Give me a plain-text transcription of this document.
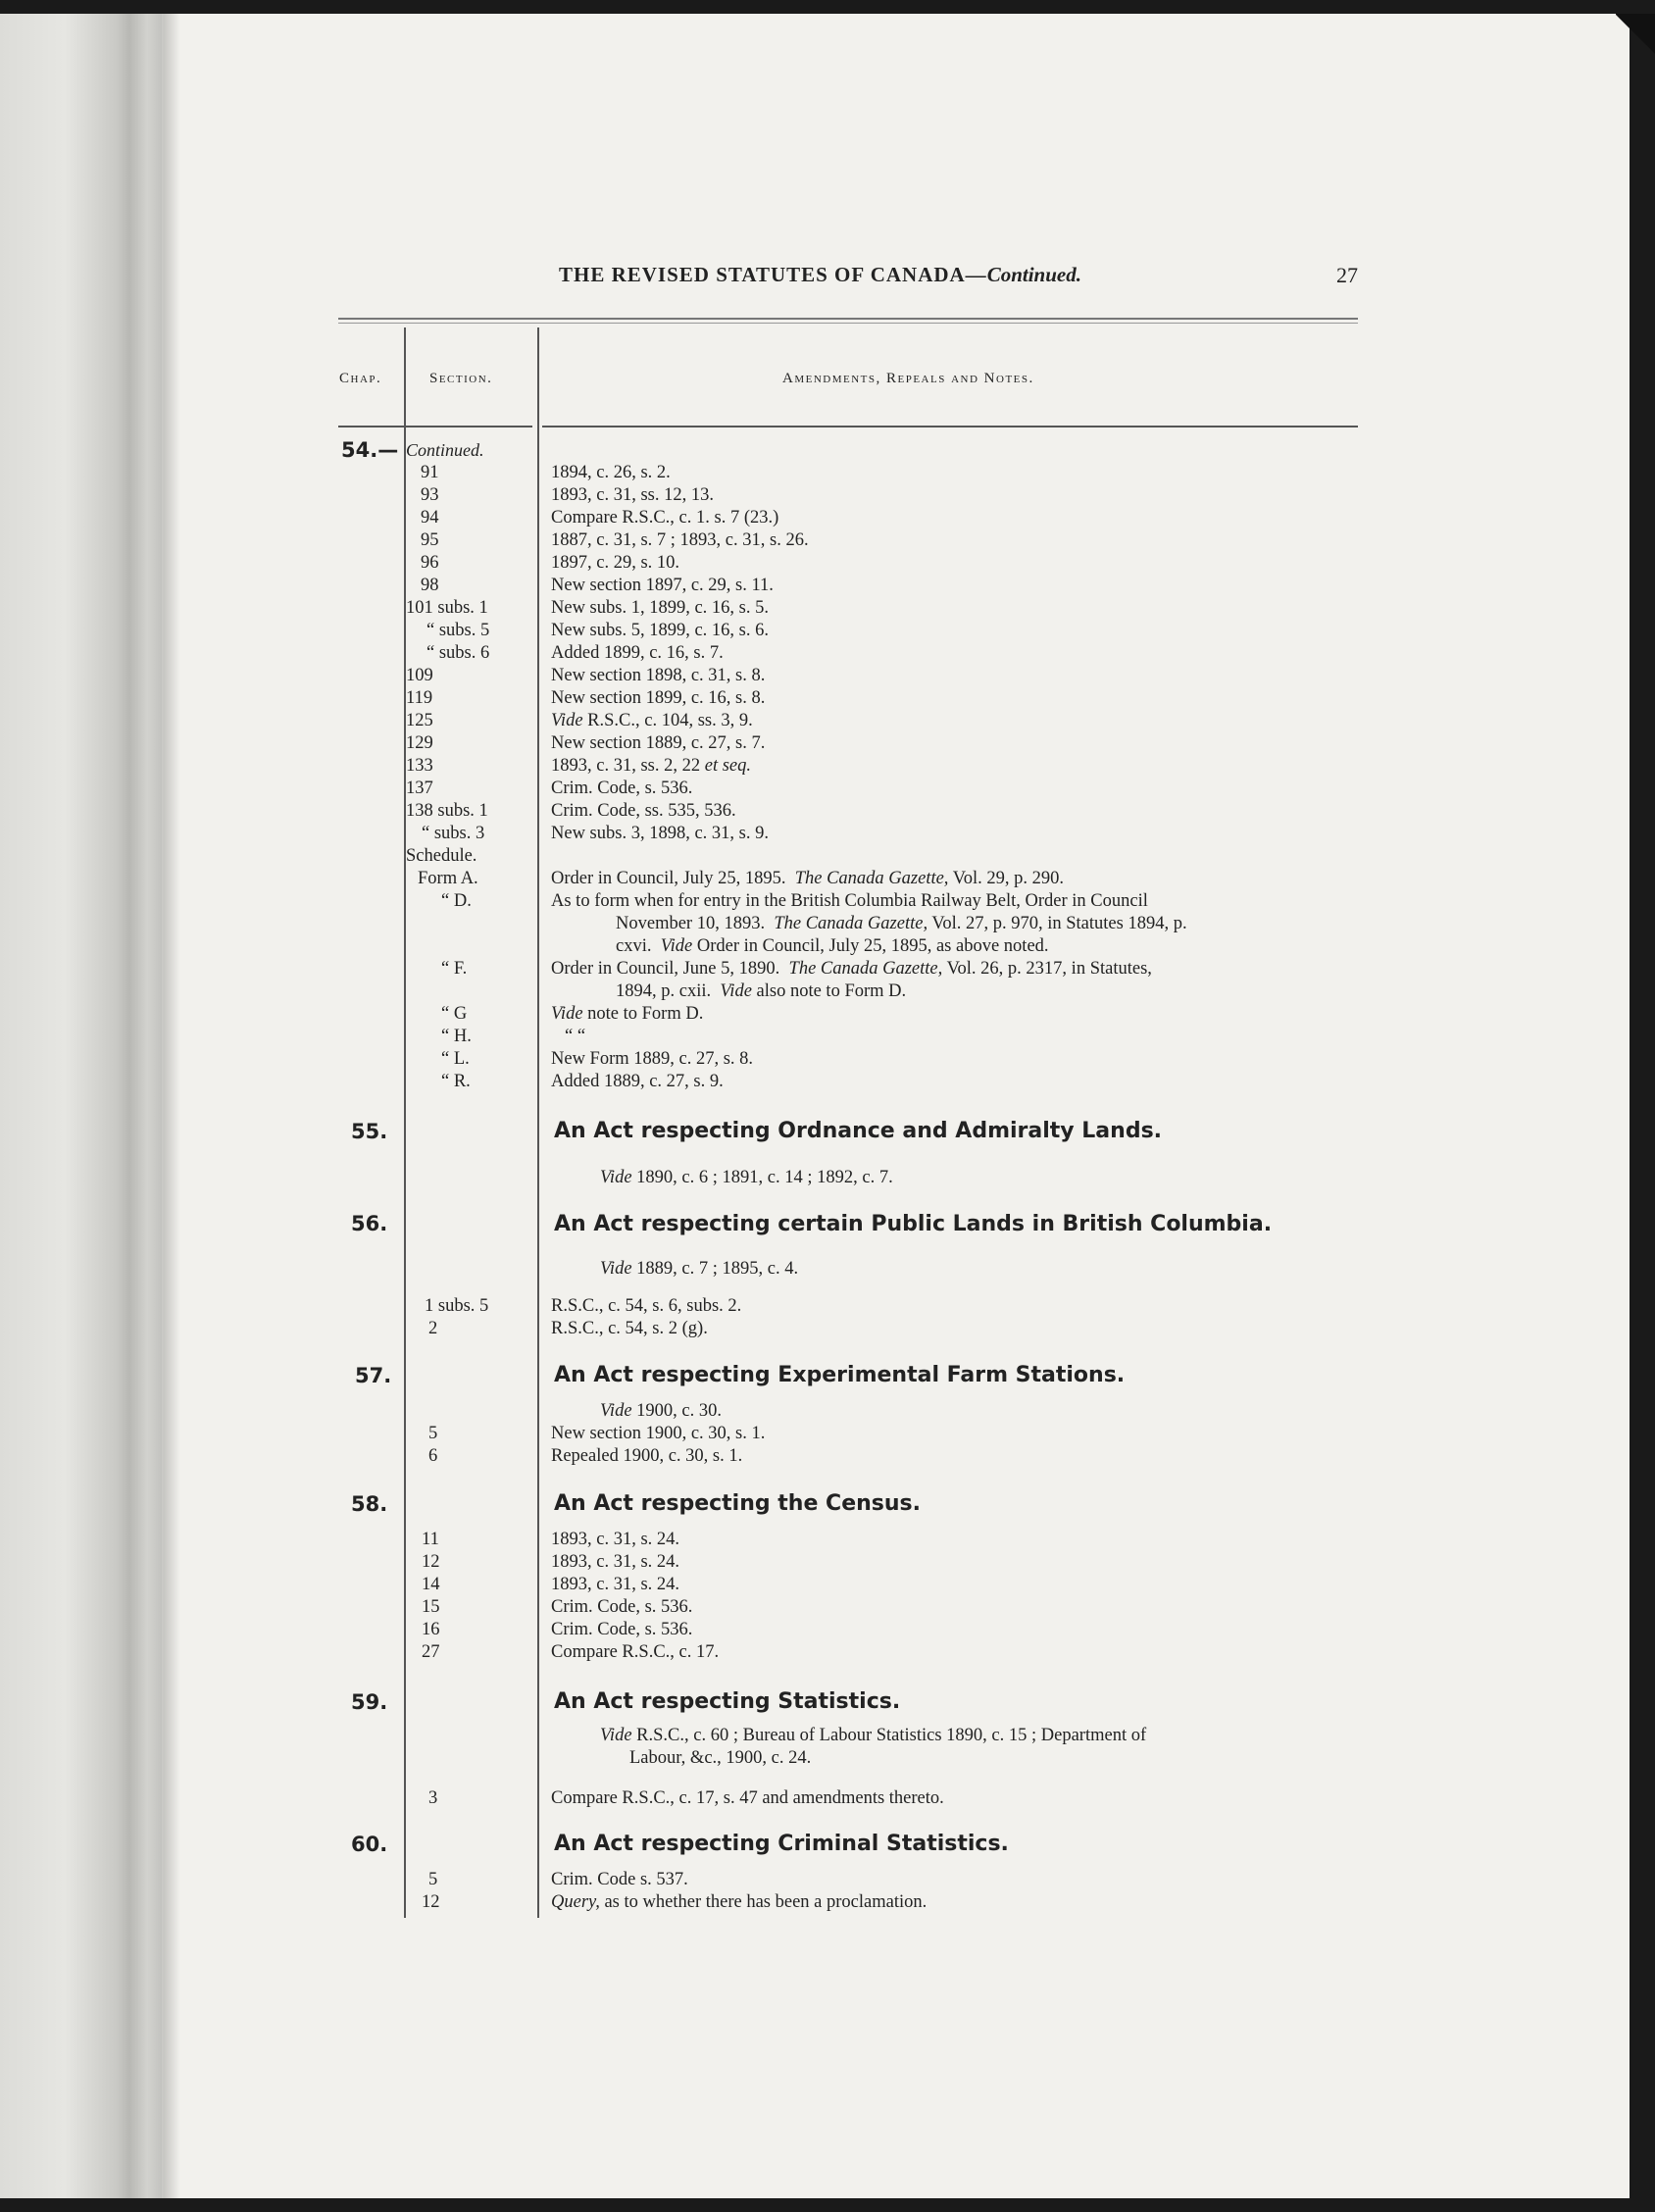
THE REVISED STATUTES OF CANADA—Continued.	27
Chap.	Section.	Amendments, Repeals and Notes.
54.— Continued.
91	1894, c. 26, s. 2.
93	1893, c. 31, ss. 12, 13.
94	Compare R.S.C., c. 1. s. 7 (23.)
95	1887, c. 31, s. 7 ; 1893, c. 31, s. 26.
96	1897, c. 29, s. 10.
98	New section 1897, c. 29, s. 11.
101 subs. 1	New subs. 1, 1899, c. 16, s. 5.
“ subs. 5	New subs. 5, 1899, c. 16, s. 6.
“ subs. 6	Added 1899, c. 16, s. 7.
109	New section 1898, c. 31, s. 8.
119	New section 1899, c. 16, s. 8.
125	Vide R.S.C., c. 104, ss. 3, 9.
129	New section 1889, c. 27, s. 7.
133	1893, c. 31, ss. 2, 22 et seq.
137	Crim. Code, s. 536.
138 subs. 1	Crim. Code, ss. 535, 536.
“ subs. 3	New subs. 3, 1898, c. 31, s. 9.
Schedule.
Form A.	Order in Council, July 25, 1895. The Canada Gazette, Vol. 29, p. 290.
“ D.	As to form when for entry in the British Columbia Railway Belt, Order in Council
November 10, 1893. The Canada Gazette, Vol. 27, p. 970, in Statutes 1894, p.
cxvi. Vide Order in Council, July 25, 1895, as above noted.
“ F.	Order in Council, June 5, 1890. The Canada Gazette, Vol. 26, p. 2317, in Statutes,
1894, p. cxii. Vide also note to Form D.
“ G	Vide note to Form D.
“ H.	“ “
“ L.	New Form 1889, c. 27, s. 8.
“ R.	Added 1889, c. 27, s. 9.
55.	An Act respecting Ordnance and Admiralty Lands.
Vide 1890, c. 6 ; 1891, c. 14 ; 1892, c. 7.
56.	An Act respecting certain Public Lands in British Columbia.
Vide 1889, c. 7 ; 1895, c. 4.
1 subs. 5	R.S.C., c. 54, s. 6, subs. 2.
2	R.S.C., c. 54, s. 2 (g).
57.	An Act respecting Experimental Farm Stations.
Vide 1900, c. 30.
5	New section 1900, c. 30, s. 1.
6	Repealed 1900, c. 30, s. 1.
58.	An Act respecting the Census.
11	1893, c. 31, s. 24.
12	1893, c. 31, s. 24.
14	1893, c. 31, s. 24.
15	Crim. Code, s. 536.
16	Crim. Code, s. 536.
27	Compare R.S.C., c. 17.
59.	An Act respecting Statistics.
Vide R.S.C., c. 60 ; Bureau of Labour Statistics 1890, c. 15 ; Department of
Labour, &c., 1900, c. 24.
3	Compare R.S.C., c. 17, s. 47 and amendments thereto.
60.	An Act respecting Criminal Statistics.
5	Crim. Code s. 537.
12	Query, as to whether there has been a proclamation.
